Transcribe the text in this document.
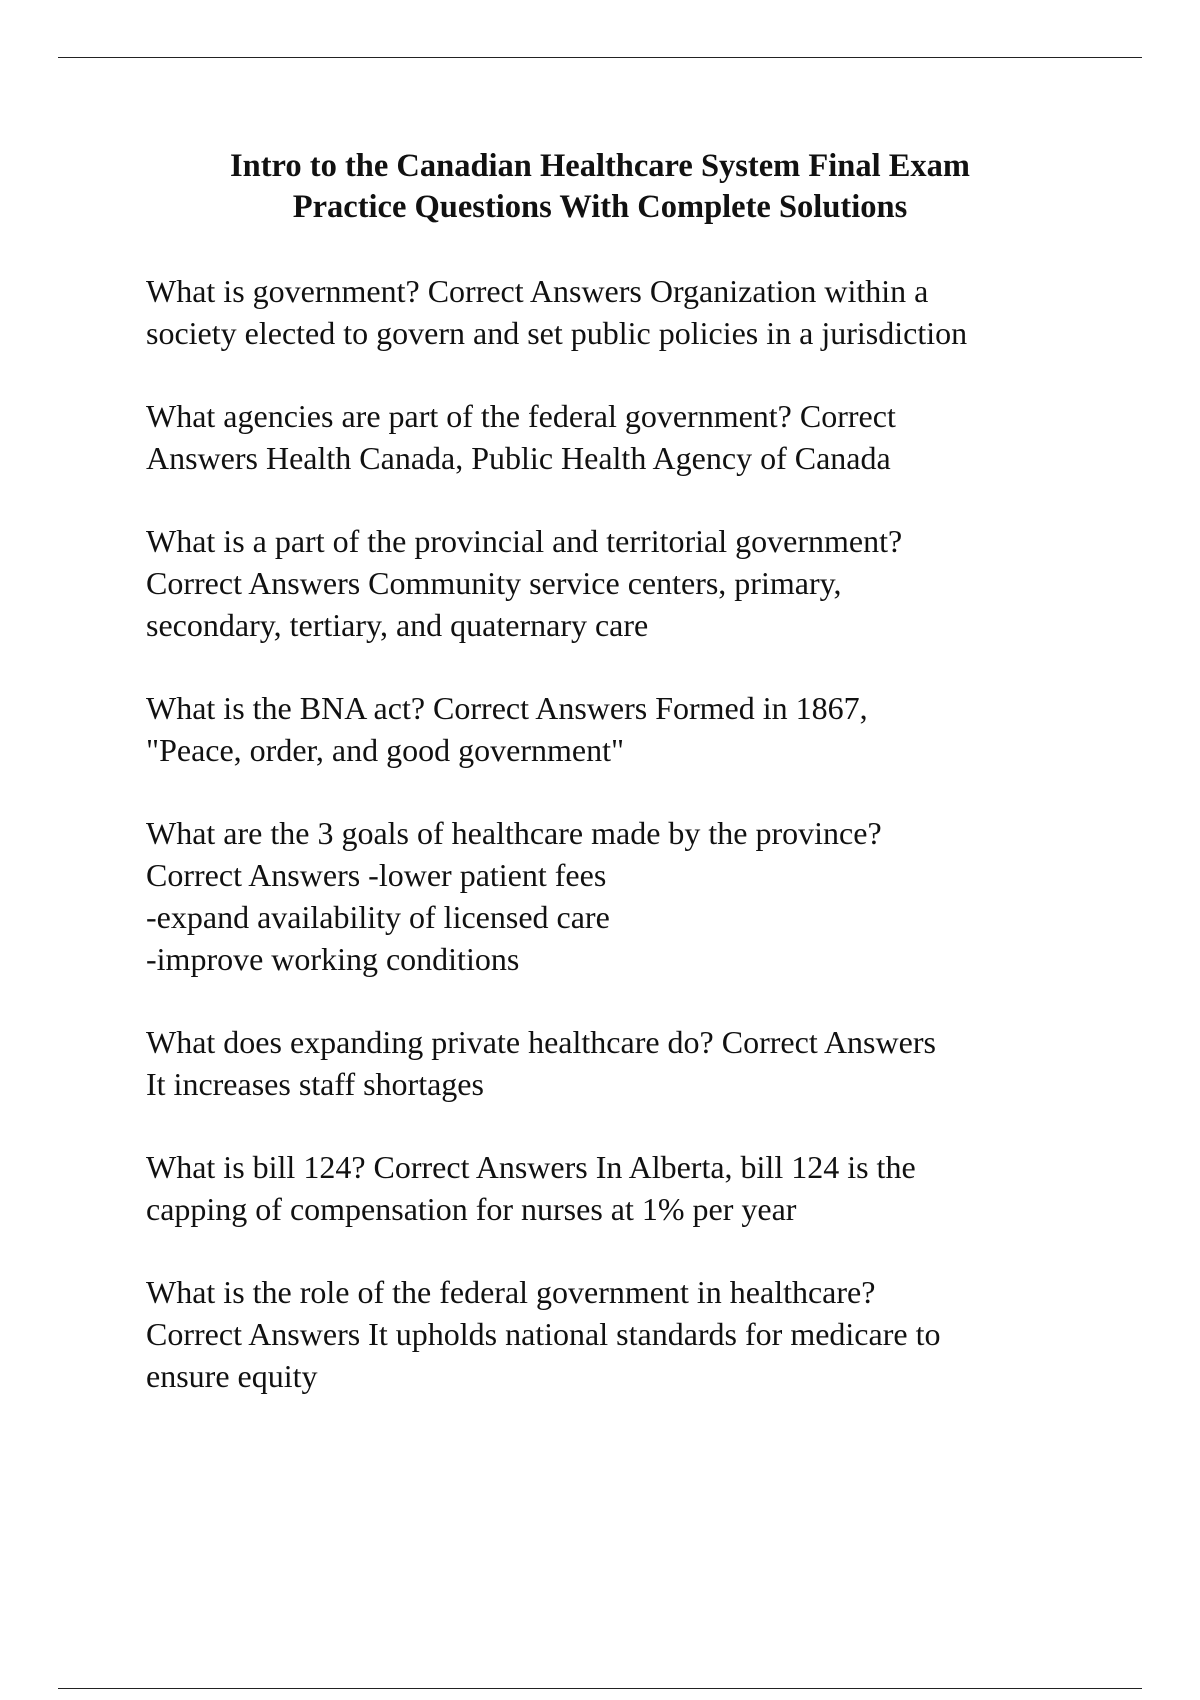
Intro to the Canadian Healthcare System Final Exam
Practice Questions With Complete Solutions
What is government? Correct Answers Organization within a
society elected to govern and set public policies in a jurisdiction
What agencies are part of the federal government? Correct
Answers Health Canada, Public Health Agency of Canada
What is a part of the provincial and territorial government?
Correct Answers Community service centers, primary,
secondary, tertiary, and quaternary care
What is the BNA act? Correct Answers Formed in 1867,
"Peace, order, and good government"
What are the 3 goals of healthcare made by the province?
Correct Answers -lower patient fees
-expand availability of licensed care
-improve working conditions
What does expanding private healthcare do? Correct Answers
It increases staff shortages
What is bill 124? Correct Answers In Alberta, bill 124 is the
capping of compensation for nurses at 1% per year
What is the role of the federal government in healthcare?
Correct Answers It upholds national standards for medicare to
ensure equity
